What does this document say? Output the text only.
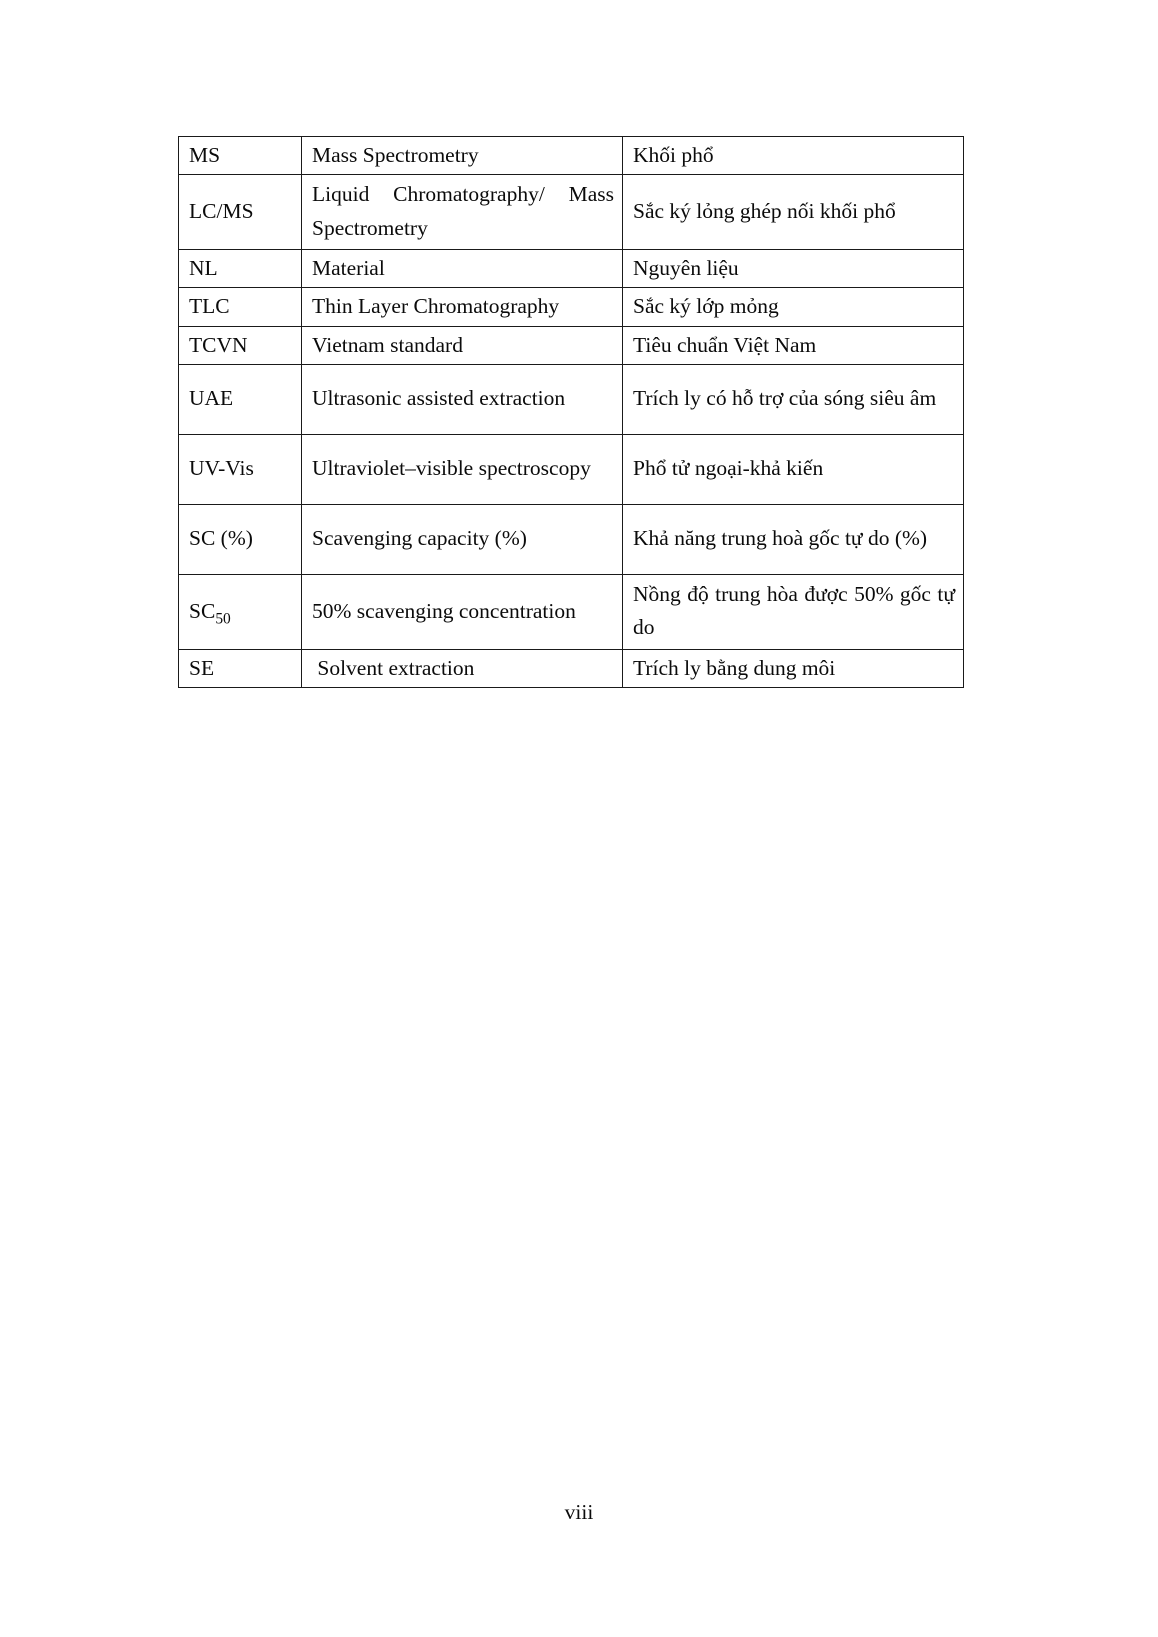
MS	Mass Spectrometry	Khối phổ
LC/MS	Liquid Chromatography/ Mass Spectrometry	Sắc ký lỏng ghép nối khối phổ
NL	Material	Nguyên liệu
TLC	Thin Layer Chromatography	Sắc ký lớp mỏng
TCVN	Vietnam standard	Tiêu chuẩn Việt Nam
UAE	Ultrasonic assisted extraction	Trích ly có hỗ trợ của sóng siêu âm

UV-Vis	Ultraviolet–visible spectroscopy	Phổ tử ngoại-khả kiến
SC (%)	Scavenging capacity (%)	Khả năng trung hoà gốc tự do (%)

$SC_{50}$	50% scavenging concentration	Nồng độ trung hòa được 50% gốc tự do

SE	Solvent extraction	Trích ly bằng dung môi
viii
